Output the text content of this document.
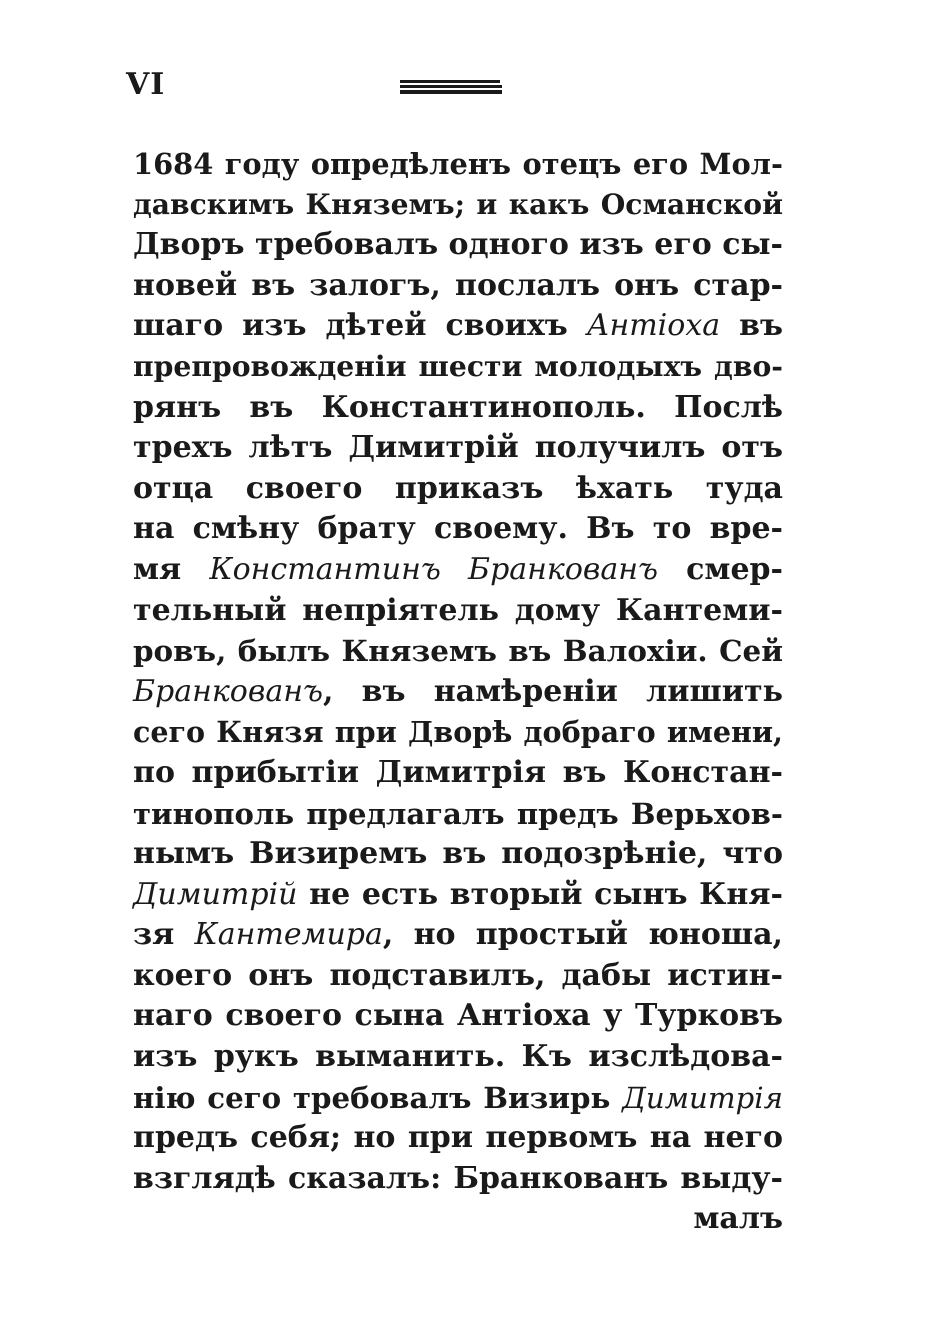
VI
1684 году опредѣленъ отецъ его Мол-
давскимъ Княземъ; и какъ Османской
Дворъ требовалъ одного изъ его сы-
новей въ залогъ, послалъ онъ стар-
шаго изъ дѣтей своихъ Антіоха въ
препровожденіи шести молодыхъ дво-
рянъ въ Константинополь. Послѣ
трехъ лѣтъ Димитрій получилъ отъ
отца своего приказъ ѣхать туда
на смѣну брату своему. Въ то вре-
мя Константинъ Бранкованъ смер-
тельный непріятель дому Кантеми-
ровъ, былъ Княземъ въ Валохіи. Сей
Бранкованъ, въ намѣреніи лишить
сего Князя при Дворѣ добраго имени,
по прибытіи Димитрія въ Констан-
тинополь предлагалъ предъ Верьхов-
нымъ Визиремъ въ подозрѣніе, что
Димитрій не есть вторый сынъ Кня-
зя Кантемира, но простый юноша,
коего онъ подставилъ, дабы истин-
наго своего сына Антіоха у Турковъ
изъ рукъ выманить. Къ изслѣдова-
нію сего требовалъ Визирь Димитрія
предъ себя; но при первомъ на него
взглядѣ сказалъ: Бранкованъ выду-
малъ
